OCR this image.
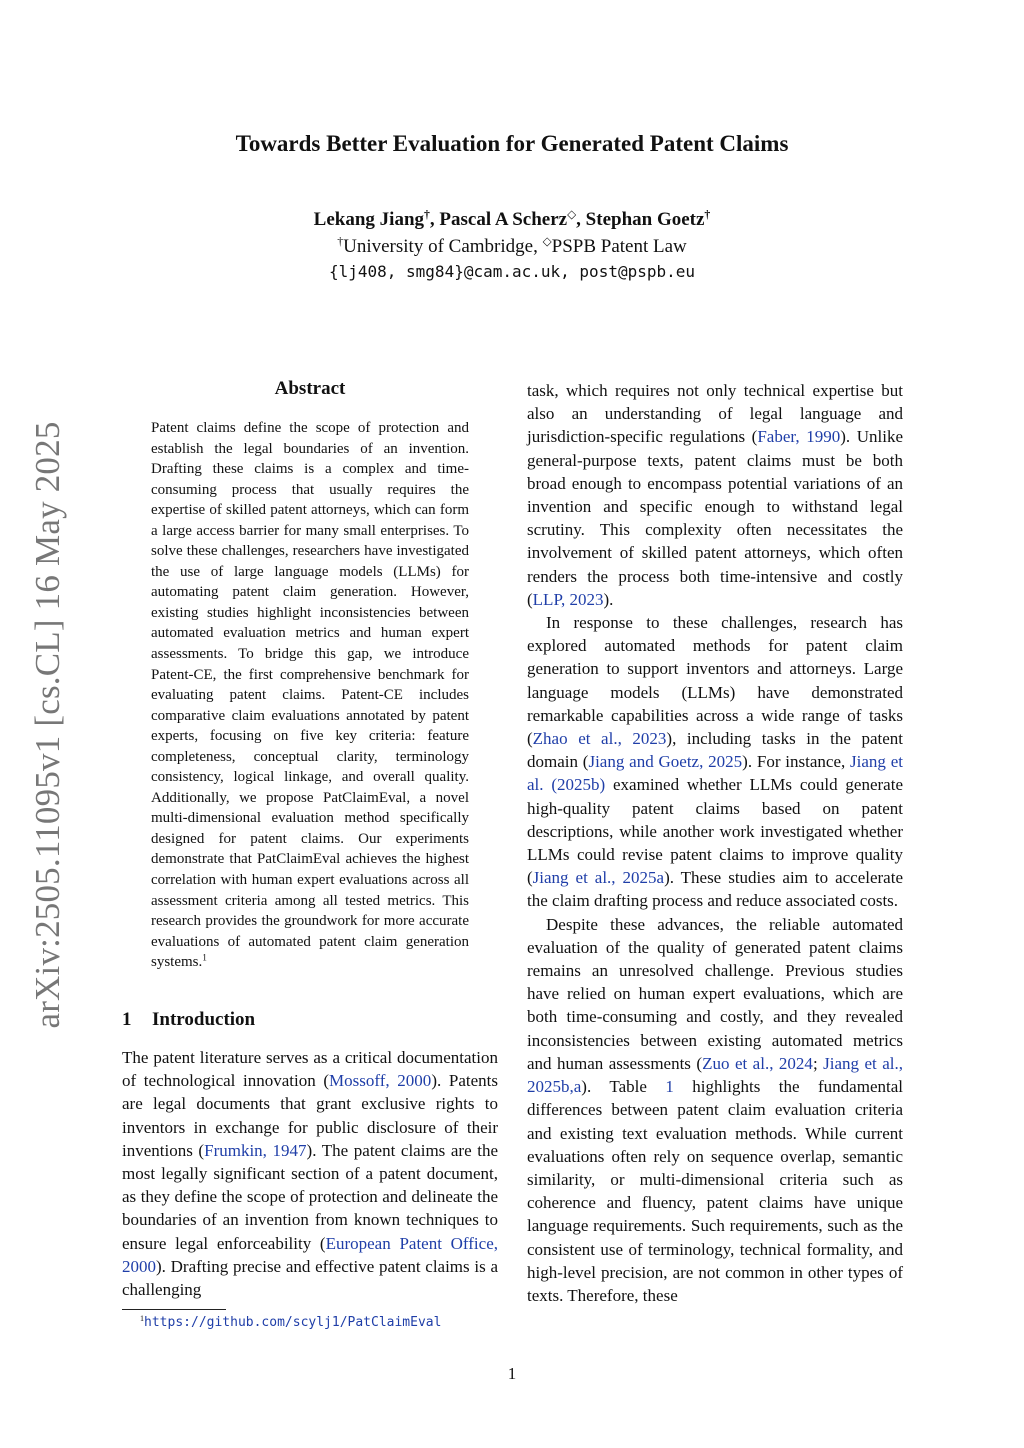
arXiv:2505.11095v1 [cs.CL] 16 May 2025
Towards Better Evaluation for Generated Patent Claims
Lekang Jiang†, Pascal A Scherz◇, Stephan Goetz†
†University of Cambridge, ◇PSPB Patent Law
{lj408, smg84}@cam.ac.uk, post@pspb.eu
Abstract
Patent claims define the scope of protection and establish the legal boundaries of an invention. Drafting these claims is a complex and time-consuming process that usually requires the expertise of skilled patent attorneys, which can form a large access barrier for many small enterprises. To solve these challenges, researchers have investigated the use of large language models (LLMs) for automating patent claim generation. However, existing studies highlight inconsistencies between automated evaluation metrics and human expert assessments. To bridge this gap, we introduce Patent-CE, the first comprehensive benchmark for evaluating patent claims. Patent-CE includes comparative claim evaluations annotated by patent experts, focusing on five key criteria: feature completeness, conceptual clarity, terminology consistency, logical linkage, and overall quality. Additionally, we propose PatClaimEval, a novel multi-dimensional evaluation method specifically designed for patent claims. Our experiments demonstrate that PatClaimEval achieves the highest correlation with human expert evaluations across all assessment criteria among all tested metrics. This research provides the groundwork for more accurate evaluations of automated patent claim generation systems.$^1$
1 Introduction
The patent literature serves as a critical documentation of technological innovation (Mossoff, 2000). Patents are legal documents that grant exclusive rights to inventors in exchange for public disclosure of their inventions (Frumkin, 1947). The patent claims are the most legally significant section of a patent document, as they define the scope of protection and delineate the boundaries of an invention from known techniques to ensure legal enforceability (European Patent Office, 2000). Drafting precise and effective patent claims is a challenging

task, which requires not only technical expertise but also an understanding of legal language and jurisdiction-specific regulations (Faber, 1990). Unlike general-purpose texts, patent claims must be both broad enough to encompass potential variations of an invention and specific enough to withstand legal scrutiny. This complexity often necessitates the involvement of skilled patent attorneys, which often renders the process both time-intensive and costly (LLP, 2023).

In response to these challenges, research has explored automated methods for patent claim generation to support inventors and attorneys. Large language models (LLMs) have demonstrated remarkable capabilities across a wide range of tasks (Zhao et al., 2023), including tasks in the patent domain (Jiang and Goetz, 2025). For instance, Jiang et al. (2025b) examined whether LLMs could generate high-quality patent claims based on patent descriptions, while another work investigated whether LLMs could revise patent claims to improve quality (Jiang et al., 2025a). These studies aim to accelerate the claim drafting process and reduce associated costs.

Despite these advances, the reliable automated evaluation of the quality of generated patent claims remains an unresolved challenge. Previous studies have relied on human expert evaluations, which are both time-consuming and costly, and they revealed inconsistencies between existing automated metrics and human assessments (Zuo et al., 2024; Jiang et al., 2025b,a). Table 1 highlights the fundamental differences between patent claim evaluation criteria and existing text evaluation methods. While current evaluations often rely on sequence overlap, semantic similarity, or multi-dimensional criteria such as coherence and fluency, patent claims have unique language requirements. Such requirements, such as the consistent use of terminology, technical formality, and high-level precision, are not common in other types of texts. Therefore, these

$^1$https://github.com/scylj1/PatClaimEval
1
